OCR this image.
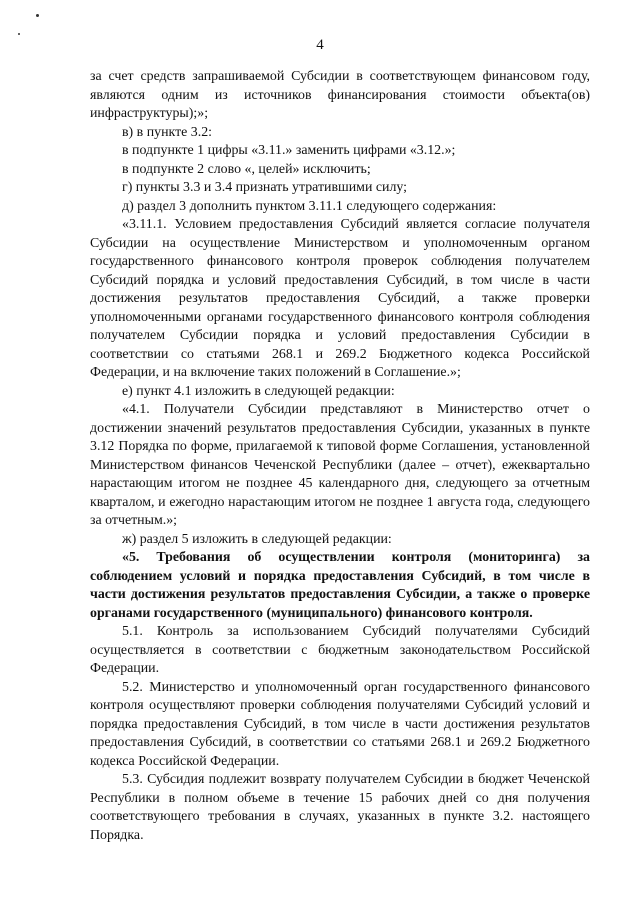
4

за счет средств запрашиваемой Субсидии в соответствующем финансовом году, являются одним из источников финансирования стоимости объекта(ов) инфраструктуры);»;

в) в пункте 3.2:

в подпункте 1 цифры «3.11.» заменить цифрами «3.12.»;

в подпункте 2 слово «, целей» исключить;

г) пункты 3.3 и 3.4 признать утратившими силу;

д) раздел 3 дополнить пунктом 3.11.1 следующего содержания:

«3.11.1. Условием предоставления Субсидий является согласие получателя Субсидии на осуществление Министерством и уполномоченным органом государственного финансового контроля проверок соблюдения получателем Субсидий порядка и условий предоставления Субсидий, в том числе в части достижения результатов предоставления Субсидий, а также проверки уполномоченными органами государственного финансового контроля соблюдения получателем Субсидии порядка и условий предоставления Субсидии в соответствии со статьями 268.1 и 269.2 Бюджетного кодекса Российской Федерации, и на включение таких положений в Соглашение.»;

е) пункт 4.1 изложить в следующей редакции:

«4.1. Получатели Субсидии представляют в Министерство отчет о достижении значений результатов предоставления Субсидии, указанных в пункте 3.12 Порядка по форме, прилагаемой к типовой форме Соглашения, установленной Министерством финансов Чеченской Республики (далее – отчет), ежеквартально нарастающим итогом не позднее 45 календарного дня, следующего за отчетным кварталом, и ежегодно нарастающим итогом не позднее 1 августа года, следующего за отчетным.»;

ж) раздел 5 изложить в следующей редакции:

«5. Требования об осуществлении контроля (мониторинга) за соблюдением условий и порядка предоставления Субсидий, в том числе в части достижения результатов предоставления Субсидии, а также о проверке органами государственного (муниципального) финансового контроля.

5.1. Контроль за использованием Субсидий получателями Субсидий осуществляется в соответствии с бюджетным законодательством Российской Федерации.

5.2. Министерство и уполномоченный орган государственного финансового контроля осуществляют проверки соблюдения получателями Субсидий условий и порядка предоставления Субсидий, в том числе в части достижения результатов предоставления Субсидий, в соответствии со статьями 268.1 и 269.2 Бюджетного кодекса Российской Федерации.

5.3. Субсидия подлежит возврату получателем Субсидии в бюджет Чеченской Республики в полном объеме в течение 15 рабочих дней со дня получения соответствующего требования в случаях, указанных в пункте 3.2. настоящего Порядка.
